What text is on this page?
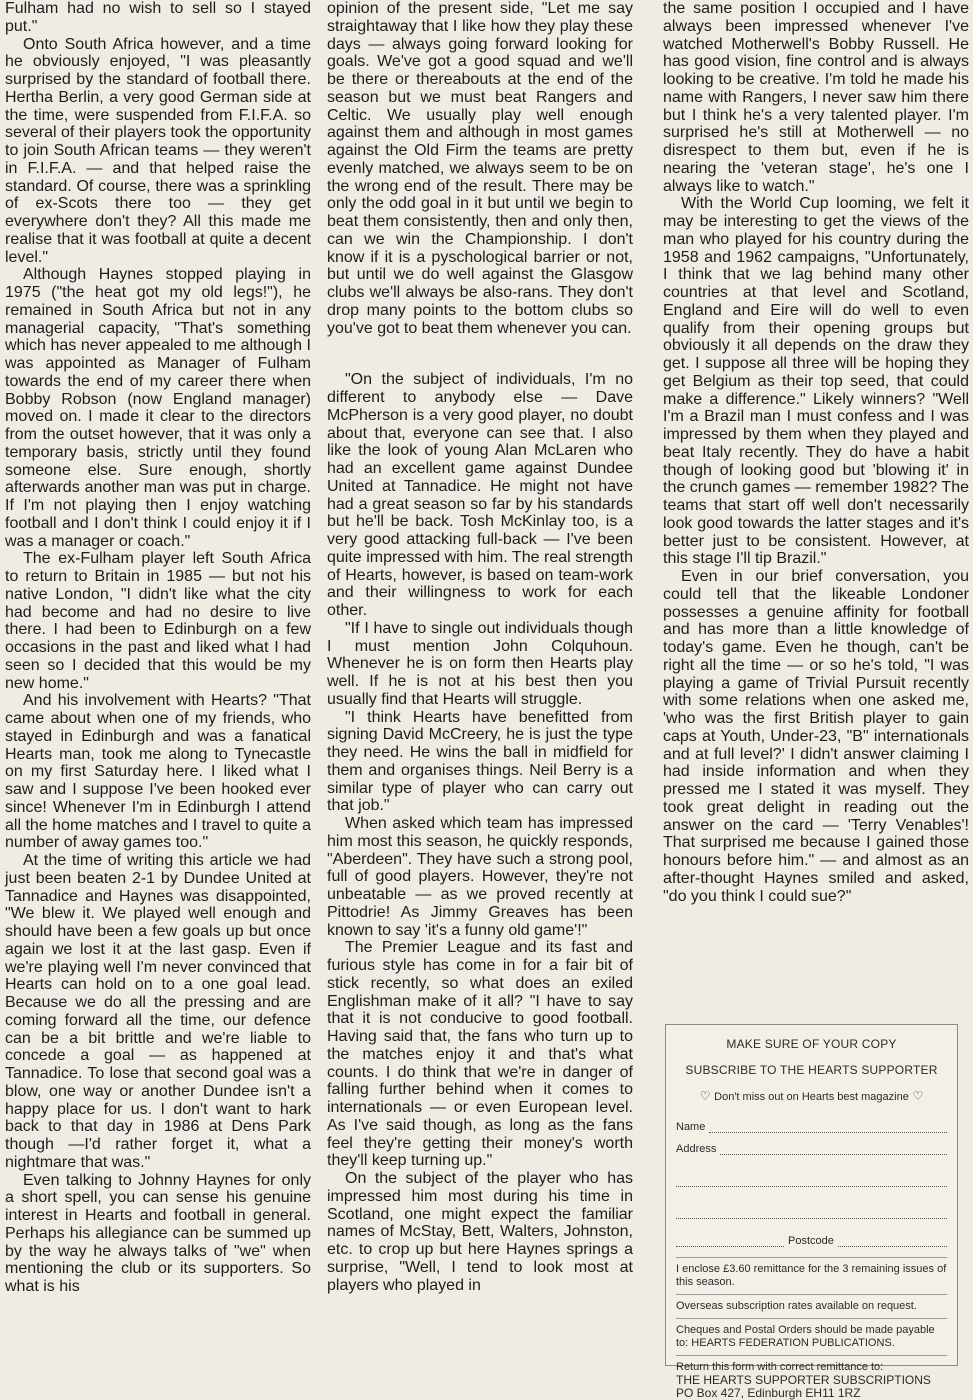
Fulham had no wish to sell so I stayed put."

Onto South Africa however, and a time he obviously enjoyed, "I was pleasantly surprised by the standard of football there. Hertha Berlin, a very good German side at the time, were suspended from F.I.F.A. so several of their players took the opportunity to join South African teams — they weren't in F.I.F.A. — and that helped raise the standard. Of course, there was a sprinkling of ex-Scots there too — they get everywhere don't they? All this made me realise that it was football at quite a decent level."

Although Haynes stopped playing in 1975 ("the heat got my old legs!"), he remained in South Africa but not in any managerial capacity, "That's something which has never appealed to me although I was appointed as Manager of Fulham towards the end of my career there when Bobby Robson (now England manager) moved on. I made it clear to the directors from the outset however, that it was only a temporary basis, strictly until they found someone else. Sure enough, shortly afterwards another man was put in charge. If I'm not playing then I enjoy watching football and I don't think I could enjoy it if I was a manager or coach."

The ex-Fulham player left South Africa to return to Britain in 1985 — but not his native London, "I didn't like what the city had become and had no desire to live there. I had been to Edinburgh on a few occasions in the past and liked what I had seen so I decided that this would be my new home."

And his involvement with Hearts? "That came about when one of my friends, who stayed in Edinburgh and was a fanatical Hearts man, took me along to Tynecastle on my first Saturday here. I liked what I saw and I suppose I've been hooked ever since! Whenever I'm in Edinburgh I attend all the home matches and I travel to quite a number of away games too."

At the time of writing this article we had just been beaten 2-1 by Dundee United at Tannadice and Haynes was disappointed, "We blew it. We played well enough and should have been a few goals up but once again we lost it at the last gasp. Even if we're playing well I'm never convinced that Hearts can hold on to a one goal lead. Because we do all the pressing and are coming forward all the time, our defence can be a bit brittle and we're liable to concede a goal — as happened at Tannadice. To lose that second goal was a blow, one way or another Dundee isn't a happy place for us. I don't want to hark back to that day in 1986 at Dens Park though —I'd rather forget it, what a nightmare that was."

Even talking to Johnny Haynes for only a short spell, you can sense his genuine interest in Hearts and football in general. Perhaps his allegiance can be summed up by the way he always talks of "we" when mentioning the club or its supporters. So what is his

opinion of the present side, "Let me say straightaway that I like how they play these days — always going forward looking for goals. We've got a good squad and we'll be there or thereabouts at the end of the season but we must beat Rangers and Celtic. We usually play well enough against them and although in most games against the Old Firm the teams are pretty evenly matched, we always seem to be on the wrong end of the result. There may be only the odd goal in it but until we begin to beat them consistently, then and only then, can we win the Championship. I don't know if it is a pyschological barrier or not, but until we do well against the Glasgow clubs we'll always be also-rans. They don't drop many points to the bottom clubs so you've got to beat them whenever you can.

"On the subject of individuals, I'm no different to anybody else — Dave McPherson is a very good player, no doubt about that, everyone can see that. I also like the look of young Alan McLaren who had an excellent game against Dundee United at Tannadice. He might not have had a great season so far by his standards but he'll be back. Tosh McKinlay too, is a very good attacking full-back — I've been quite impressed with him. The real strength of Hearts, however, is based on team-work and their willingness to work for each other.

"If I have to single out individuals though I must mention John Colquhoun. Whenever he is on form then Hearts play well. If he is not at his best then you usually find that Hearts will struggle.

"I think Hearts have benefitted from signing David McCreery, he is just the type they need. He wins the ball in midfield for them and organises things. Neil Berry is a similar type of player who can carry out that job."

When asked which team has impressed him most this season, he quickly responds, "Aberdeen". They have such a strong pool, full of good players. However, they're not unbeatable — as we proved recently at Pittodrie! As Jimmy Greaves has been known to say 'it's a funny old game'!"

The Premier League and its fast and furious style has come in for a fair bit of stick recently, so what does an exiled Englishman make of it all? "I have to say that it is not conducive to good football. Having said that, the fans who turn up to the matches enjoy it and that's what counts. I do think that we're in danger of falling further behind when it comes to internationals — or even European level. As I've said though, as long as the fans feel they're getting their money's worth they'll keep turning up."

On the subject of the player who has impressed him most during his time in Scotland, one might expect the familiar names of McStay, Bett, Walters, Johnston, etc. to crop up but here Haynes springs a surprise, "Well, I tend to look most at players who played in

the same position I occupied and I have always been impressed whenever I've watched Motherwell's Bobby Russell. He has good vision, fine control and is always looking to be creative. I'm told he made his name with Rangers, I never saw him there but I think he's a very talented player. I'm surprised he's still at Motherwell — no disrespect to them but, even if he is nearing the 'veteran stage', he's one I always like to watch."

With the World Cup looming, we felt it may be interesting to get the views of the man who played for his country during the 1958 and 1962 campaigns, "Unfortunately, I think that we lag behind many other countries at that level and Scotland, England and Eire will do well to even qualify from their opening groups but obviously it all depends on the draw they get. I suppose all three will be hoping they get Belgium as their top seed, that could make a difference." Likely winners? "Well I'm a Brazil man I must confess and I was impressed by them when they played and beat Italy recently. They do have a habit though of looking good but 'blowing it' in the crunch games — remember 1982? The teams that start off well don't necessarily look good towards the latter stages and it's better just to be consistent. However, at this stage I'll tip Brazil."

Even in our brief conversation, you could tell that the likeable Londoner possesses a genuine affinity for football and has more than a little knowledge of today's game. Even he though, can't be right all the time — or so he's told, "I was playing a game of Trivial Pursuit recently with some relations when one asked me, 'who was the first British player to gain caps at Youth, Under-23, "B" internationals and at full level?' I didn't answer claiming I had inside information and when they pressed me I stated it was myself. They took great delight in reading out the answer on the card — 'Terry Venables'! That surprised me because I gained those honours before him." — and almost as an after-thought Haynes smiled and asked, "do you think I could sue?"

MAKE SURE OF YOUR COPY

SUBSCRIBE TO THE HEARTS SUPPORTER

♡ Don't miss out on Hearts best magazine ♡

Name
Address
Postcode

I enclose £3.60 remittance for the 3 remaining issues of this season.

Overseas subscription rates available on request.

Cheques and Postal Orders should be made payable to: HEARTS FEDERATION PUBLICATIONS.

Return this form with correct remittance to:

THE HEARTS SUPPORTER SUBSCRIPTIONS

PO Box 427, Edinburgh EH11 1RZ
